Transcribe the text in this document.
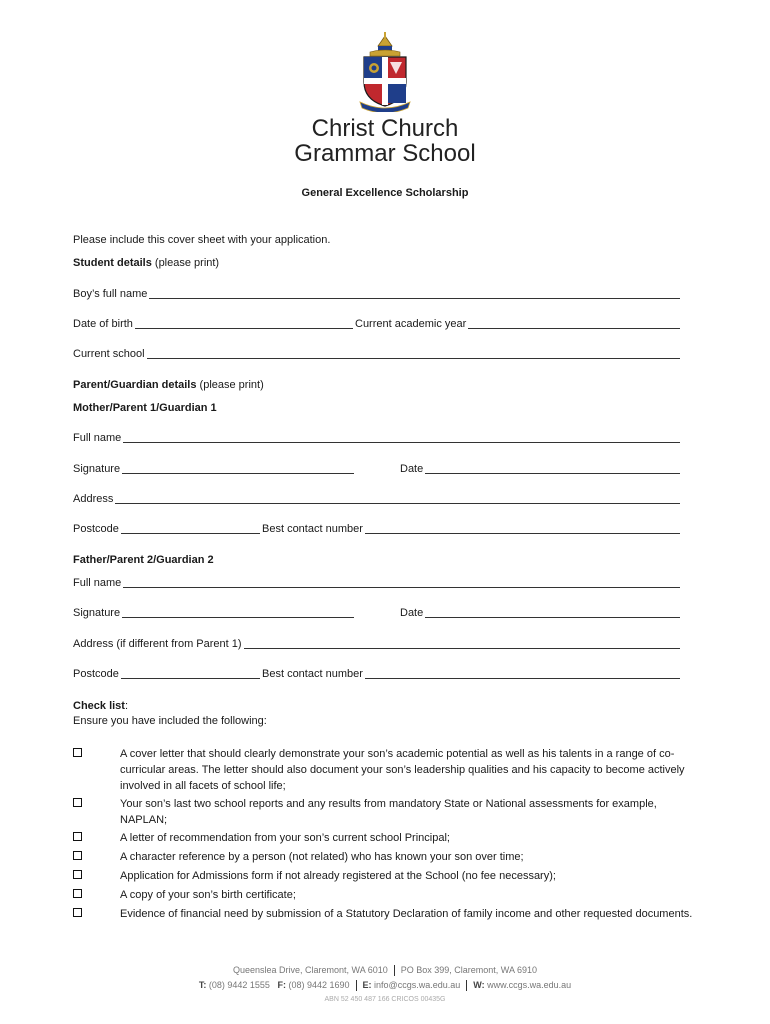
Christ Church
Grammar School
General Excellence Scholarship
Please include this cover sheet with your application.
Student details (please print)
Boy’s full name
Date of birth	Current academic year
Current school
Parent/Guardian details (please print)
Mother/Parent 1/Guardian 1
Full name
Signature	Date
Address
Postcode	Best contact number
Father/Parent 2/Guardian 2
Full name
Signature	Date
Address (if different from Parent 1)
Postcode	Best contact number
Check list:
Ensure you have included the following:
A cover letter that should clearly demonstrate your son’s academic potential as well as his talents in a range of co-curricular areas. The letter should also document your son’s leadership qualities and his capacity to become actively involved in all facets of school life;
Your son’s last two school reports and any results from mandatory State or National assessments for example, NAPLAN;
A letter of recommendation from your son’s current school Principal;
A character reference by a person (not related) who has known your son over time;
Application for Admissions form if not already registered at the School (no fee necessary);
A copy of your son’s birth certificate;
Evidence of financial need by submission of a Statutory Declaration of family income and other requested documents.
Queenslea Drive, Claremont, WA 6010 PO Box 399, Claremont, WA 6910
T: (08) 9442 1555 F: (08) 9442 1690 E: info@ccgs.wa.edu.au W: www.ccgs.wa.edu.au
ABN 52 450 487 166 CRICOS 00435G
